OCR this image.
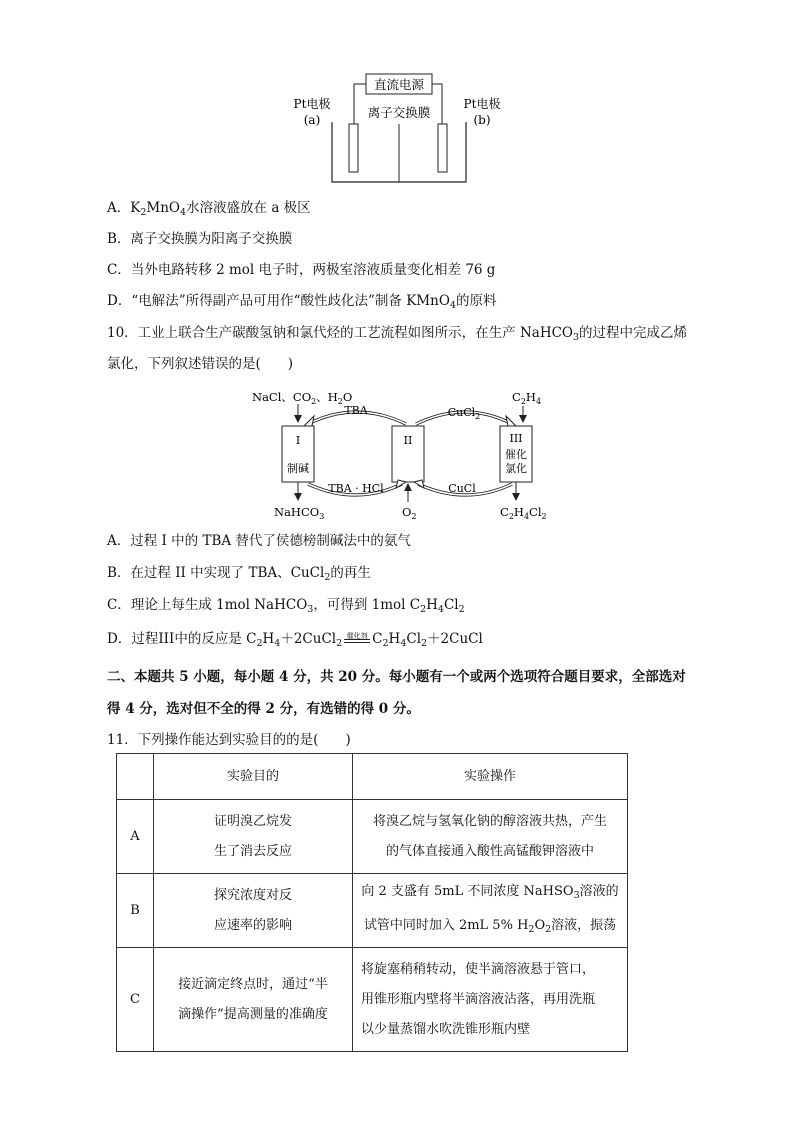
直流电源
离子交换膜
Pt电极
(a)
Pt电极
(b)
A．$K_2MnO_4$水溶液盛放在 a 极区
B．离子交换膜为阳离子交换膜
C．当外电路转移 2 mol 电子时，两极室溶液质量变化相差 76 g
D．“电解法”所得副产品可用作“酸性歧化法”制备 KMnO$_4$的原料
10．工业上联合生产碳酸氢钠和氯代烃的工艺流程如图所示，在生产 NaHCO$_3$的过程中完成乙烯
氯化，下列叙述错误的是(　　)
NaCl、$CO_2$、$H_2O$	$C_2H_4$
I
制碱
II	III
催化
氯化
TBA	CuCl$_2$
TBA · HCl	CuCl
NaHCO$_3$	$O_2$	$C_2H_4Cl_2$
A．过程 I 中的 TBA 替代了侯德榜制碱法中的氨气
B．在过程 II 中实现了 TBA、CuCl$_2$的再生
C．理论上每生成 1mol NaHCO$_3$，可得到 1mol $C_2H_4Cl_2$
D．过程III中的反应是 $C_2H_4+2CuCl_2$
催化剂 $C_2H_4Cl_2+2CuCl$
二、本题共 5 小题，每小题 4 分，共 20 分。每小题有一个或两个选项符合题目要求，全部选对
得 4 分，选对但不全的得 2 分，有选错的得 0 分。
11．下列操作能达到实验目的的是(　　)
	实验目的	实验操作
A	证明溴乙烷发
生了消去反应	将溴乙烷与氢氧化钠的醇溶液共热，产生
的气体直接通入酸性高锰酸钾溶液中

B	探究浓度对反
应速率的影响	向 2 支盛有 5mL 不同浓度 NaHSO$_3$溶液的
试管中同时加入 2mL 5% $H_2O_2$溶液，振荡

C	接近滴定终点时，通过“半
滴操作”提高测量的准确度	将旋塞稍稍转动，使半滴溶液悬于管口，
用锥形瓶内壁将半滴溶液沾落，再用洗瓶
以少量蒸馏水吹洗锥形瓶内壁
